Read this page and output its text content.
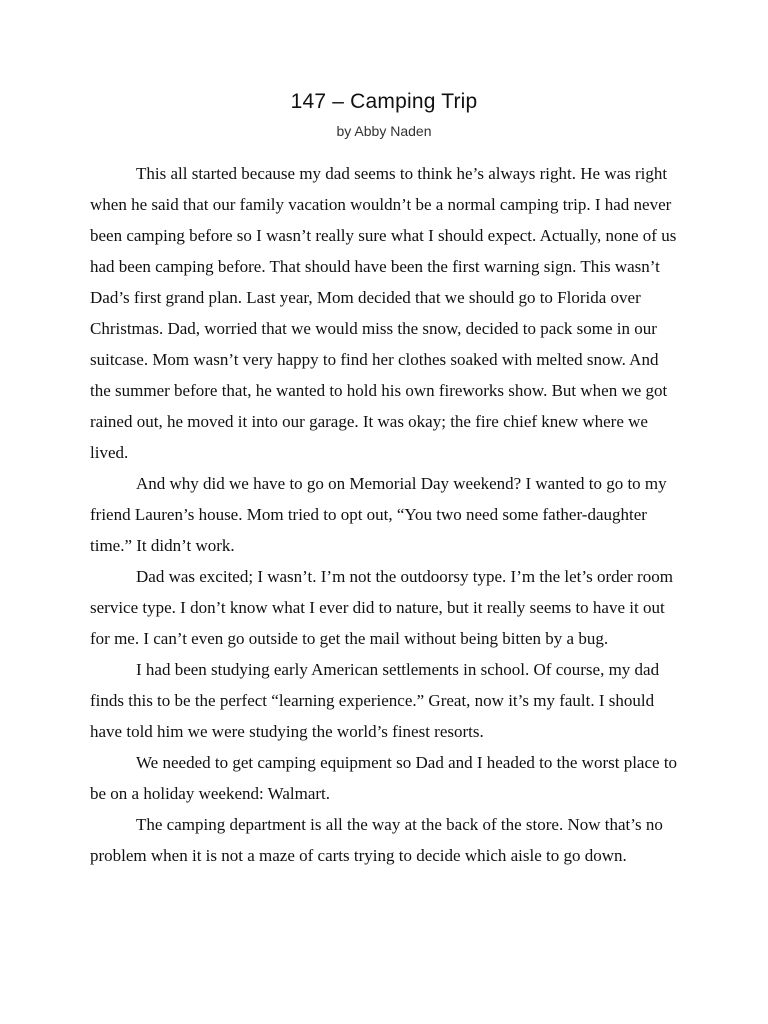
147 – Camping Trip
by Abby Naden

This all started because my dad seems to think he’s always right. He was right when he said that our family vacation wouldn’t be a normal camping trip. I had never been camping before so I wasn’t really sure what I should expect. Actually, none of us had been camping before. That should have been the first warning sign. This wasn’t Dad’s first grand plan. Last year, Mom decided that we should go to Florida over Christmas. Dad, worried that we would miss the snow, decided to pack some in our suitcase. Mom wasn’t very happy to find her clothes soaked with melted snow. And the summer before that, he wanted to hold his own fireworks show. But when we got rained out, he moved it into our garage. It was okay; the fire chief knew where we lived.

And why did we have to go on Memorial Day weekend? I wanted to go to my friend Lauren’s house. Mom tried to opt out, “You two need some father-daughter time.” It didn’t work.

Dad was excited; I wasn’t. I’m not the outdoorsy type. I’m the let’s order room service type. I don’t know what I ever did to nature, but it really seems to have it out for me. I can’t even go outside to get the mail without being bitten by a bug.

I had been studying early American settlements in school. Of course, my dad finds this to be the perfect “learning experience.” Great, now it’s my fault. I should have told him we were studying the world’s finest resorts.

We needed to get camping equipment so Dad and I headed to the worst place to be on a holiday weekend: Walmart.

The camping department is all the way at the back of the store. Now that’s no problem when it is not a maze of carts trying to decide which aisle to go down.
